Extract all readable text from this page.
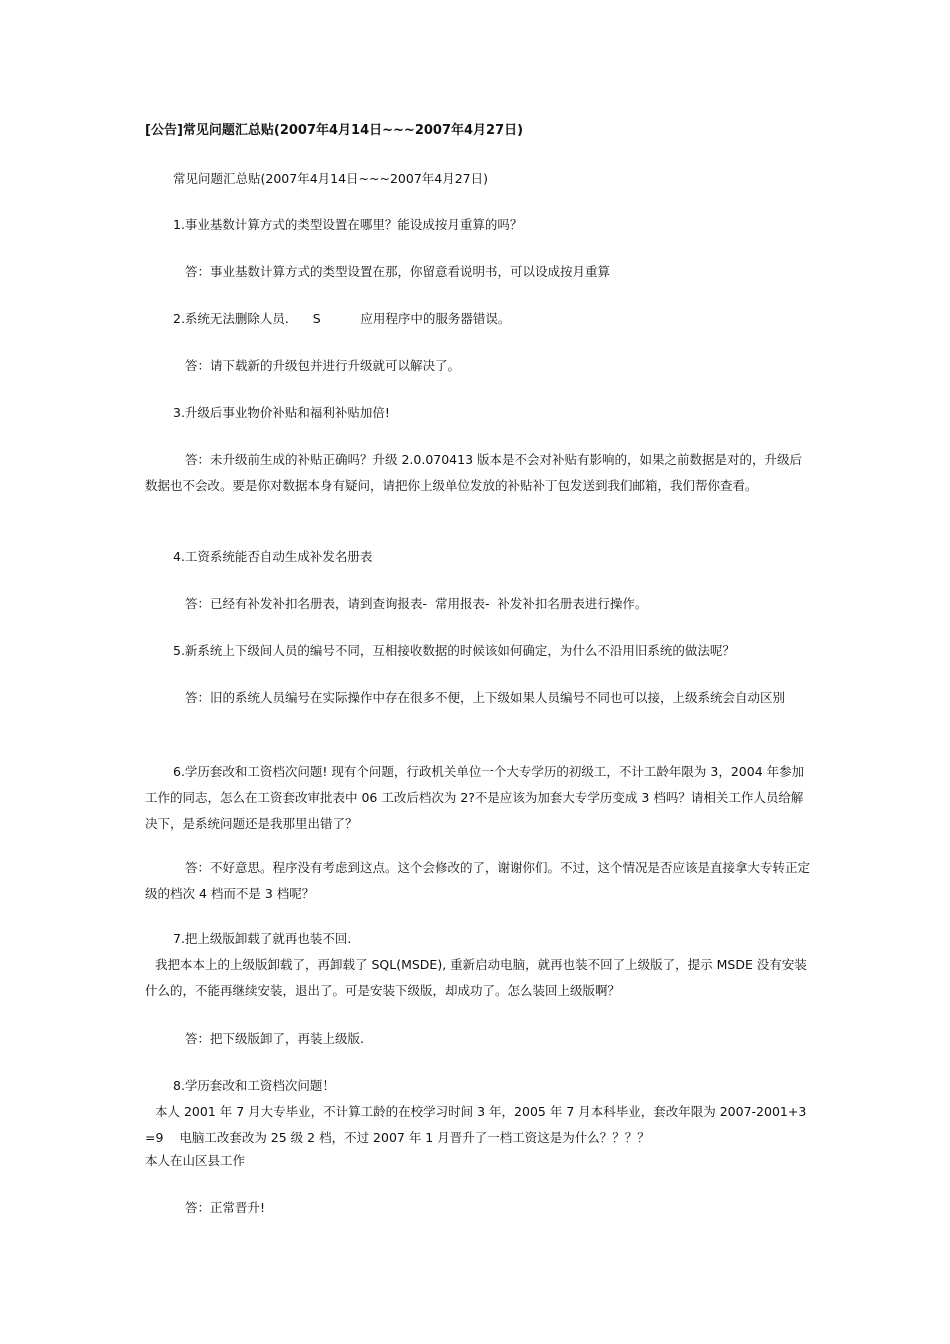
[公告]常见问题汇总贴(2007年4月14日~~~2007年4月27日)
常见问题汇总贴(2007年4月14日~~~2007年4月27日)
1.事业基数计算方式的类型设置在哪里？能设成按月重算的吗？
答：事业基数计算方式的类型设置在那，你留意看说明书，可以设成按月重算
2.系统无法删除人员.      S          应用程序中的服务器错误。
答：请下载新的升级包并进行升级就可以解决了。
3.升级后事业物价补贴和福利补贴加倍!
答：未升级前生成的补贴正确吗？升级 2.0.070413 版本是不会对补贴有影响的，如果之前数据是对的，升级后数据也不会改。要是你对数据本身有疑问，请把你上级单位发放的补贴补丁包发送到我们邮箱，我们帮你查看。
4.工资系统能否自动生成补发名册表
答：已经有补发补扣名册表，请到查询报表-  常用报表-  补发补扣名册表进行操作。
5.新系统上下级间人员的编号不同，互相接收数据的时候该如何确定，为什么不沿用旧系统的做法呢？
答：旧的系统人员编号在实际操作中存在很多不便，上下级如果人员编号不同也可以接，上级系统会自动区别
6.学历套改和工资档次问题! 现有个问题，行政机关单位一个大专学历的初级工，不计工龄年限为 3，2004 年参加工作的同志，怎么在工资套改审批表中 06 工改后档次为 2?不是应该为加套大专学历变成 3 档吗？请相关工作人员给解决下，是系统问题还是我那里出错了？
答：不好意思。程序没有考虑到这点。这个会修改的了，谢谢你们。不过，这个情况是否应该是直接拿大专转正定级的档次 4 档而不是 3 档呢？
7.把上级版卸载了就再也装不回.
我把本本上的上级版卸载了，再卸载了 SQL(MSDE), 重新启动电脑，就再也装不回了上级版了，提示 MSDE 没有安装什么的，不能再继续安装，退出了。可是安装下级版，却成功了。怎么装回上级版啊？
答：把下级版卸了，再装上级版.
8.学历套改和工资档次问题！
本人 2001 年 7 月大专毕业，不计算工龄的在校学习时间 3 年，2005 年 7 月本科毕业，套改年限为 2007-2001+3=9    电脑工改套改为 25 级 2 档，不过 2007 年 1 月晋升了一档工资这是为什么？？？？
本人在山区县工作
答：正常晋升!
